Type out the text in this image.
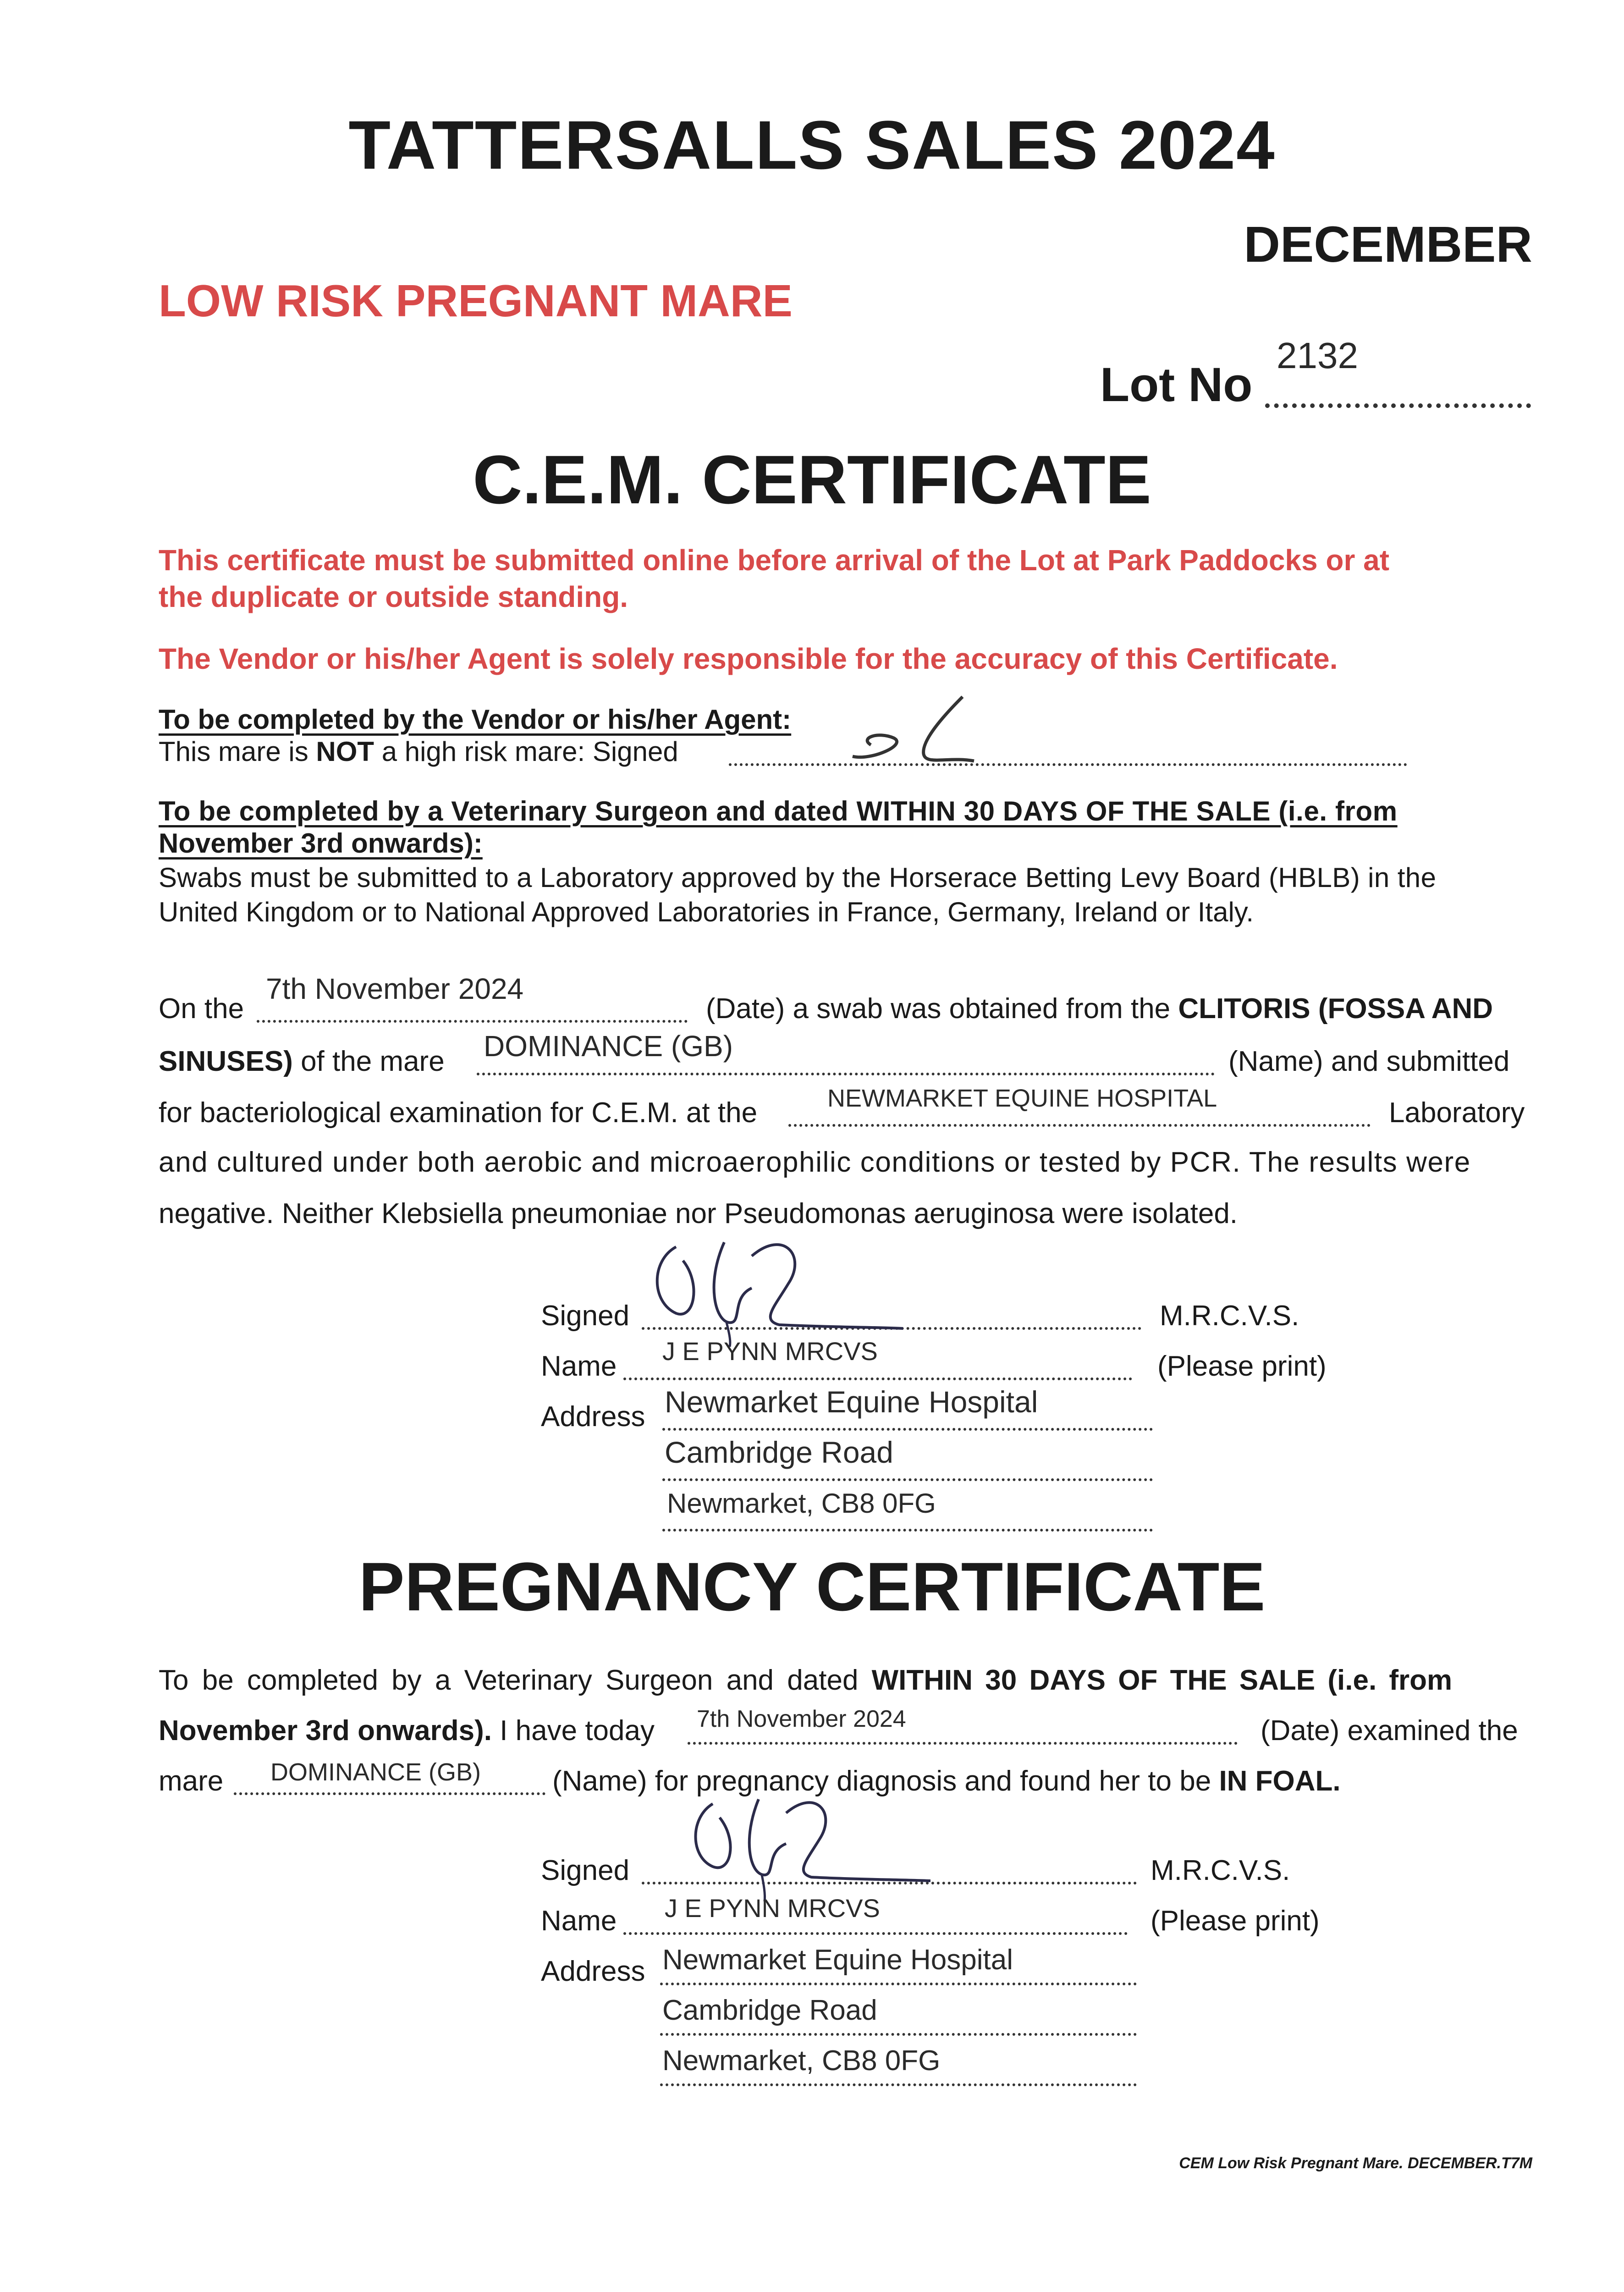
TATTERSALLS SALES 2024
DECEMBER
LOW RISK PREGNANT MARE
Lot No
2132
C.E.M. CERTIFICATE
This certificate must be submitted online before arrival of the Lot at Park Paddocks or at
the duplicate or outside standing.
The Vendor or his/her Agent is solely responsible for the accuracy of this Certificate.
To be completed by the Vendor or his/her Agent:
This mare is NOT a high risk mare: Signed
To be completed by a Veterinary Surgeon and dated WITHIN 30 DAYS OF THE SALE (i.e. from
November 3rd onwards):
Swabs must be submitted to a Laboratory approved by the Horserace Betting Levy Board (HBLB) in the
United Kingdom or to National Approved Laboratories in France, Germany, Ireland or Italy.
On the
7th November 2024
(Date) a swab was obtained from the CLITORIS (FOSSA AND
SINUSES) of the mare DOMINANCE (GB)	(Name) and submitted
for bacteriological examination for C.E.M. at the	NEWMARKET EQUINE HOSPITAL	Laboratory
and cultured under both aerobic and microaerophilic conditions or tested by PCR. The results were
negative. Neither Klebsiella pneumoniae nor Pseudomonas aeruginosa were isolated.
Signed	M.R.C.V.S.
Name J E PYNN MRCVS	(Please print)
Address Newmarket Equine Hospital
Cambridge Road
Newmarket, CB8 0FG
PREGNANCY CERTIFICATE
To be completed by a Veterinary Surgeon and dated WITHIN 30 DAYS OF THE SALE (i.e. from
November 3rd onwards). I have today 7th November 2024	(Date) examined the
mare DOMINANCE (GB)	(Name) for pregnancy diagnosis and found her to be IN FOAL.
Signed	M.R.C.V.S.
Name J E PYNN MRCVS	(Please print)
Address Newmarket Equine Hospital
Cambridge Road
Newmarket, CB8 0FG
CEM Low Risk Pregnant Mare. DECEMBER.T7M
